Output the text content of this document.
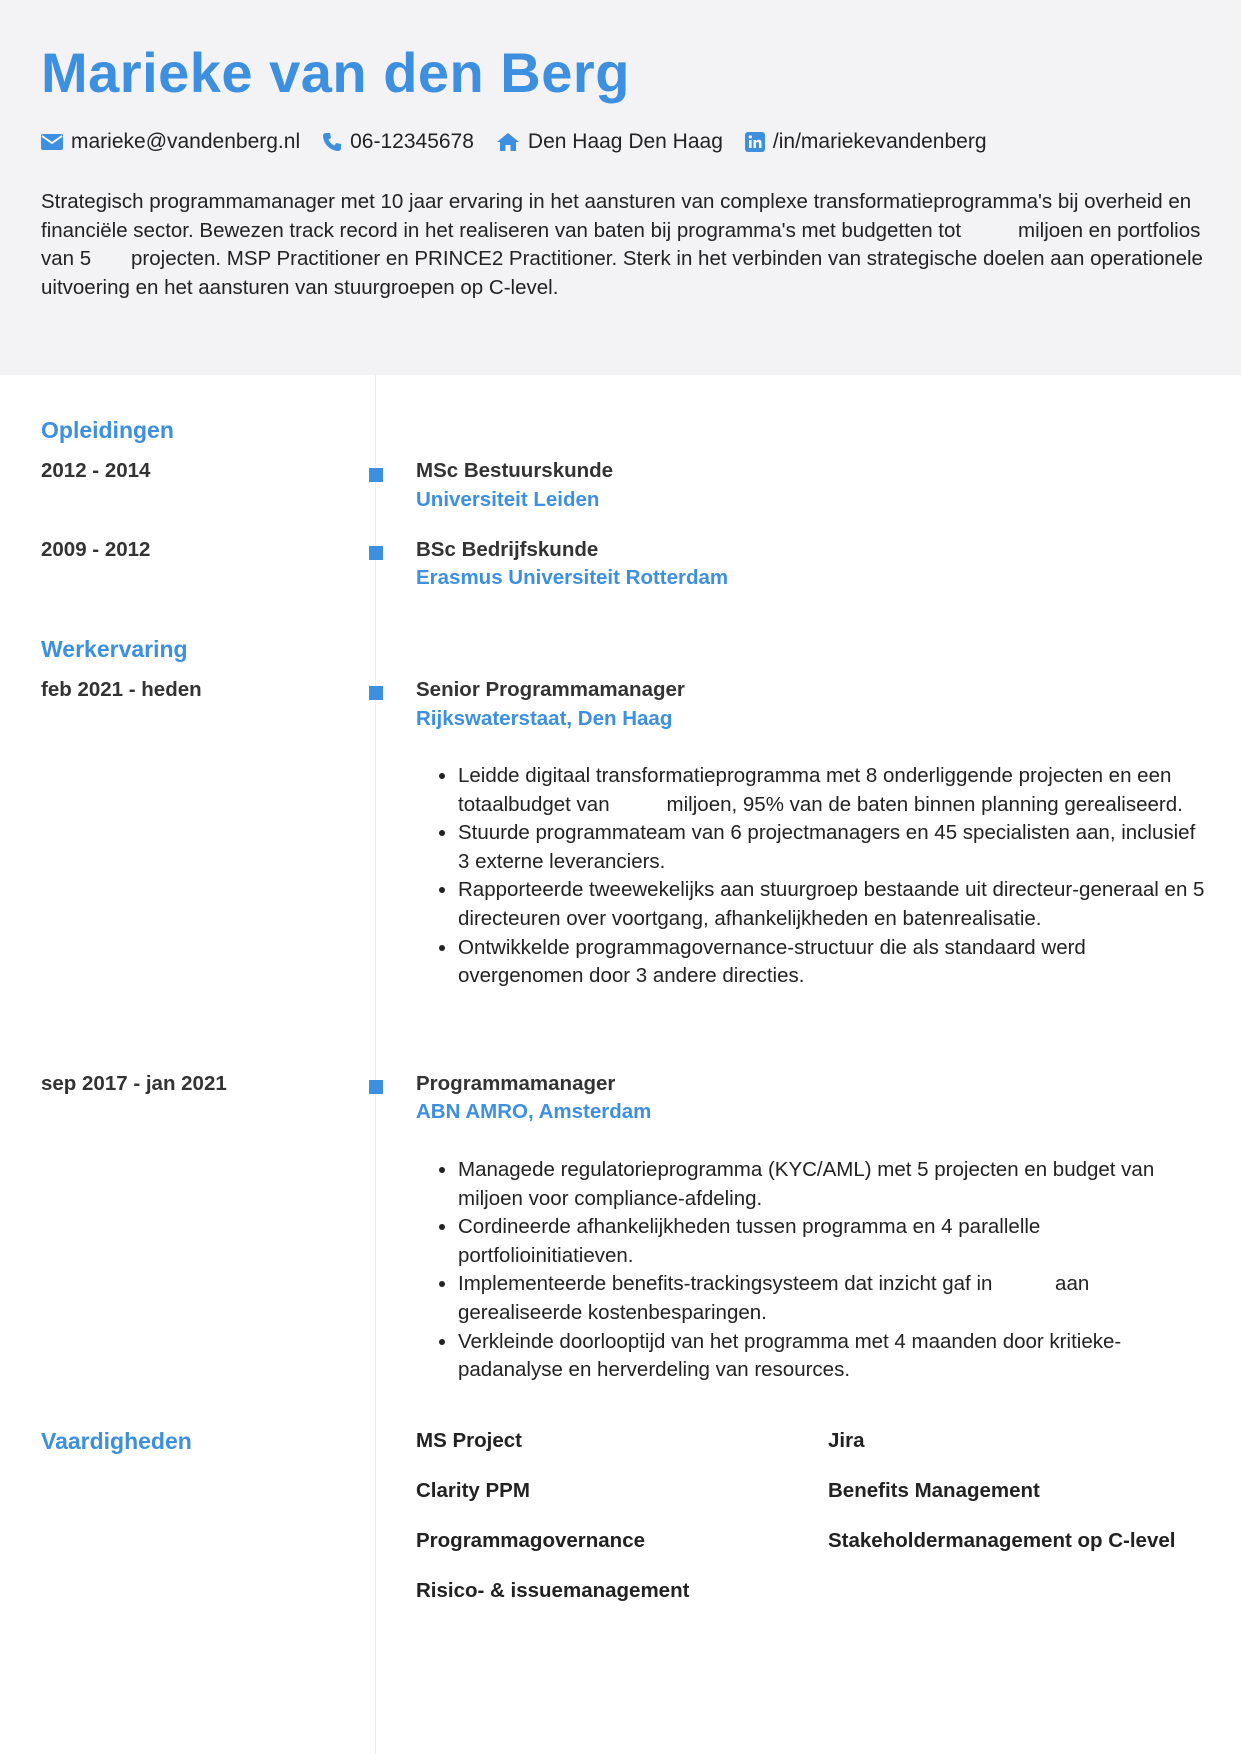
Marieke van den Berg
marieke@vandenberg.nl 06-12345678	Den Haag Den Haag /in/mariekevandenberg

Strategisch programmamanager met 10 jaar ervaring in het aansturen van complexe transformatieprogramma's bij overheid en financiële sector. Bewezen track record in het realiseren van baten bij programma's met budgetten tot          miljoen en portfolios van 5       projecten. MSP Practitioner en PRINCE2 Practitioner. Sterk in het verbinden van strategische doelen aan operationele uitvoering en het aansturen van stuurgroepen op C-level.

Opleidingen
2012 - 2014	MSc Bestuurskunde
Universiteit Leiden
2009 - 2012	BSc Bedrijfskunde
Erasmus Universiteit Rotterdam
Werkervaring
feb 2021 - heden	Senior Programmamanager
Rijkswaterstaat, Den Haag
• Leidde digitaal transformatieprogramma met 8 onderliggende projecten en een totaalbudget van          miljoen, 95% van de baten binnen planning gerealiseerd.
• Stuurde programmateam van 6 projectmanagers en 45 specialisten aan, inclusief 3 externe leveranciers.
• Rapporteerde tweewekelijks aan stuurgroep bestaande uit directeur-generaal en 5 directeuren over voortgang, afhankelijkheden en batenrealisatie.
• Ontwikkelde programmagovernance-structuur die als standaard werd overgenomen door 3 andere directies.
sep 2017 - jan 2021	Programmamanager
ABN AMRO, Amsterdam
• Managede regulatorieprogramma (KYC/AML) met 5 projecten en budget van          miljoen voor compliance-afdeling.
• Cordineerde afhankelijkheden tussen programma en 4 parallelle portfolioinitiatieven.
• Implementeerde benefits-trackingsysteem dat inzicht gaf in           aan gerealiseerde kostenbesparingen.
• Verkleinde doorlooptijd van het programma met 4 maanden door kritieke-padanalyse en herverdeling van resources.
Vaardigheden	MS Project	Jira
Clarity PPM	Benefits Management
Programmagovernance	Stakeholdermanagement op C-level
Risico- & issuemanagement
